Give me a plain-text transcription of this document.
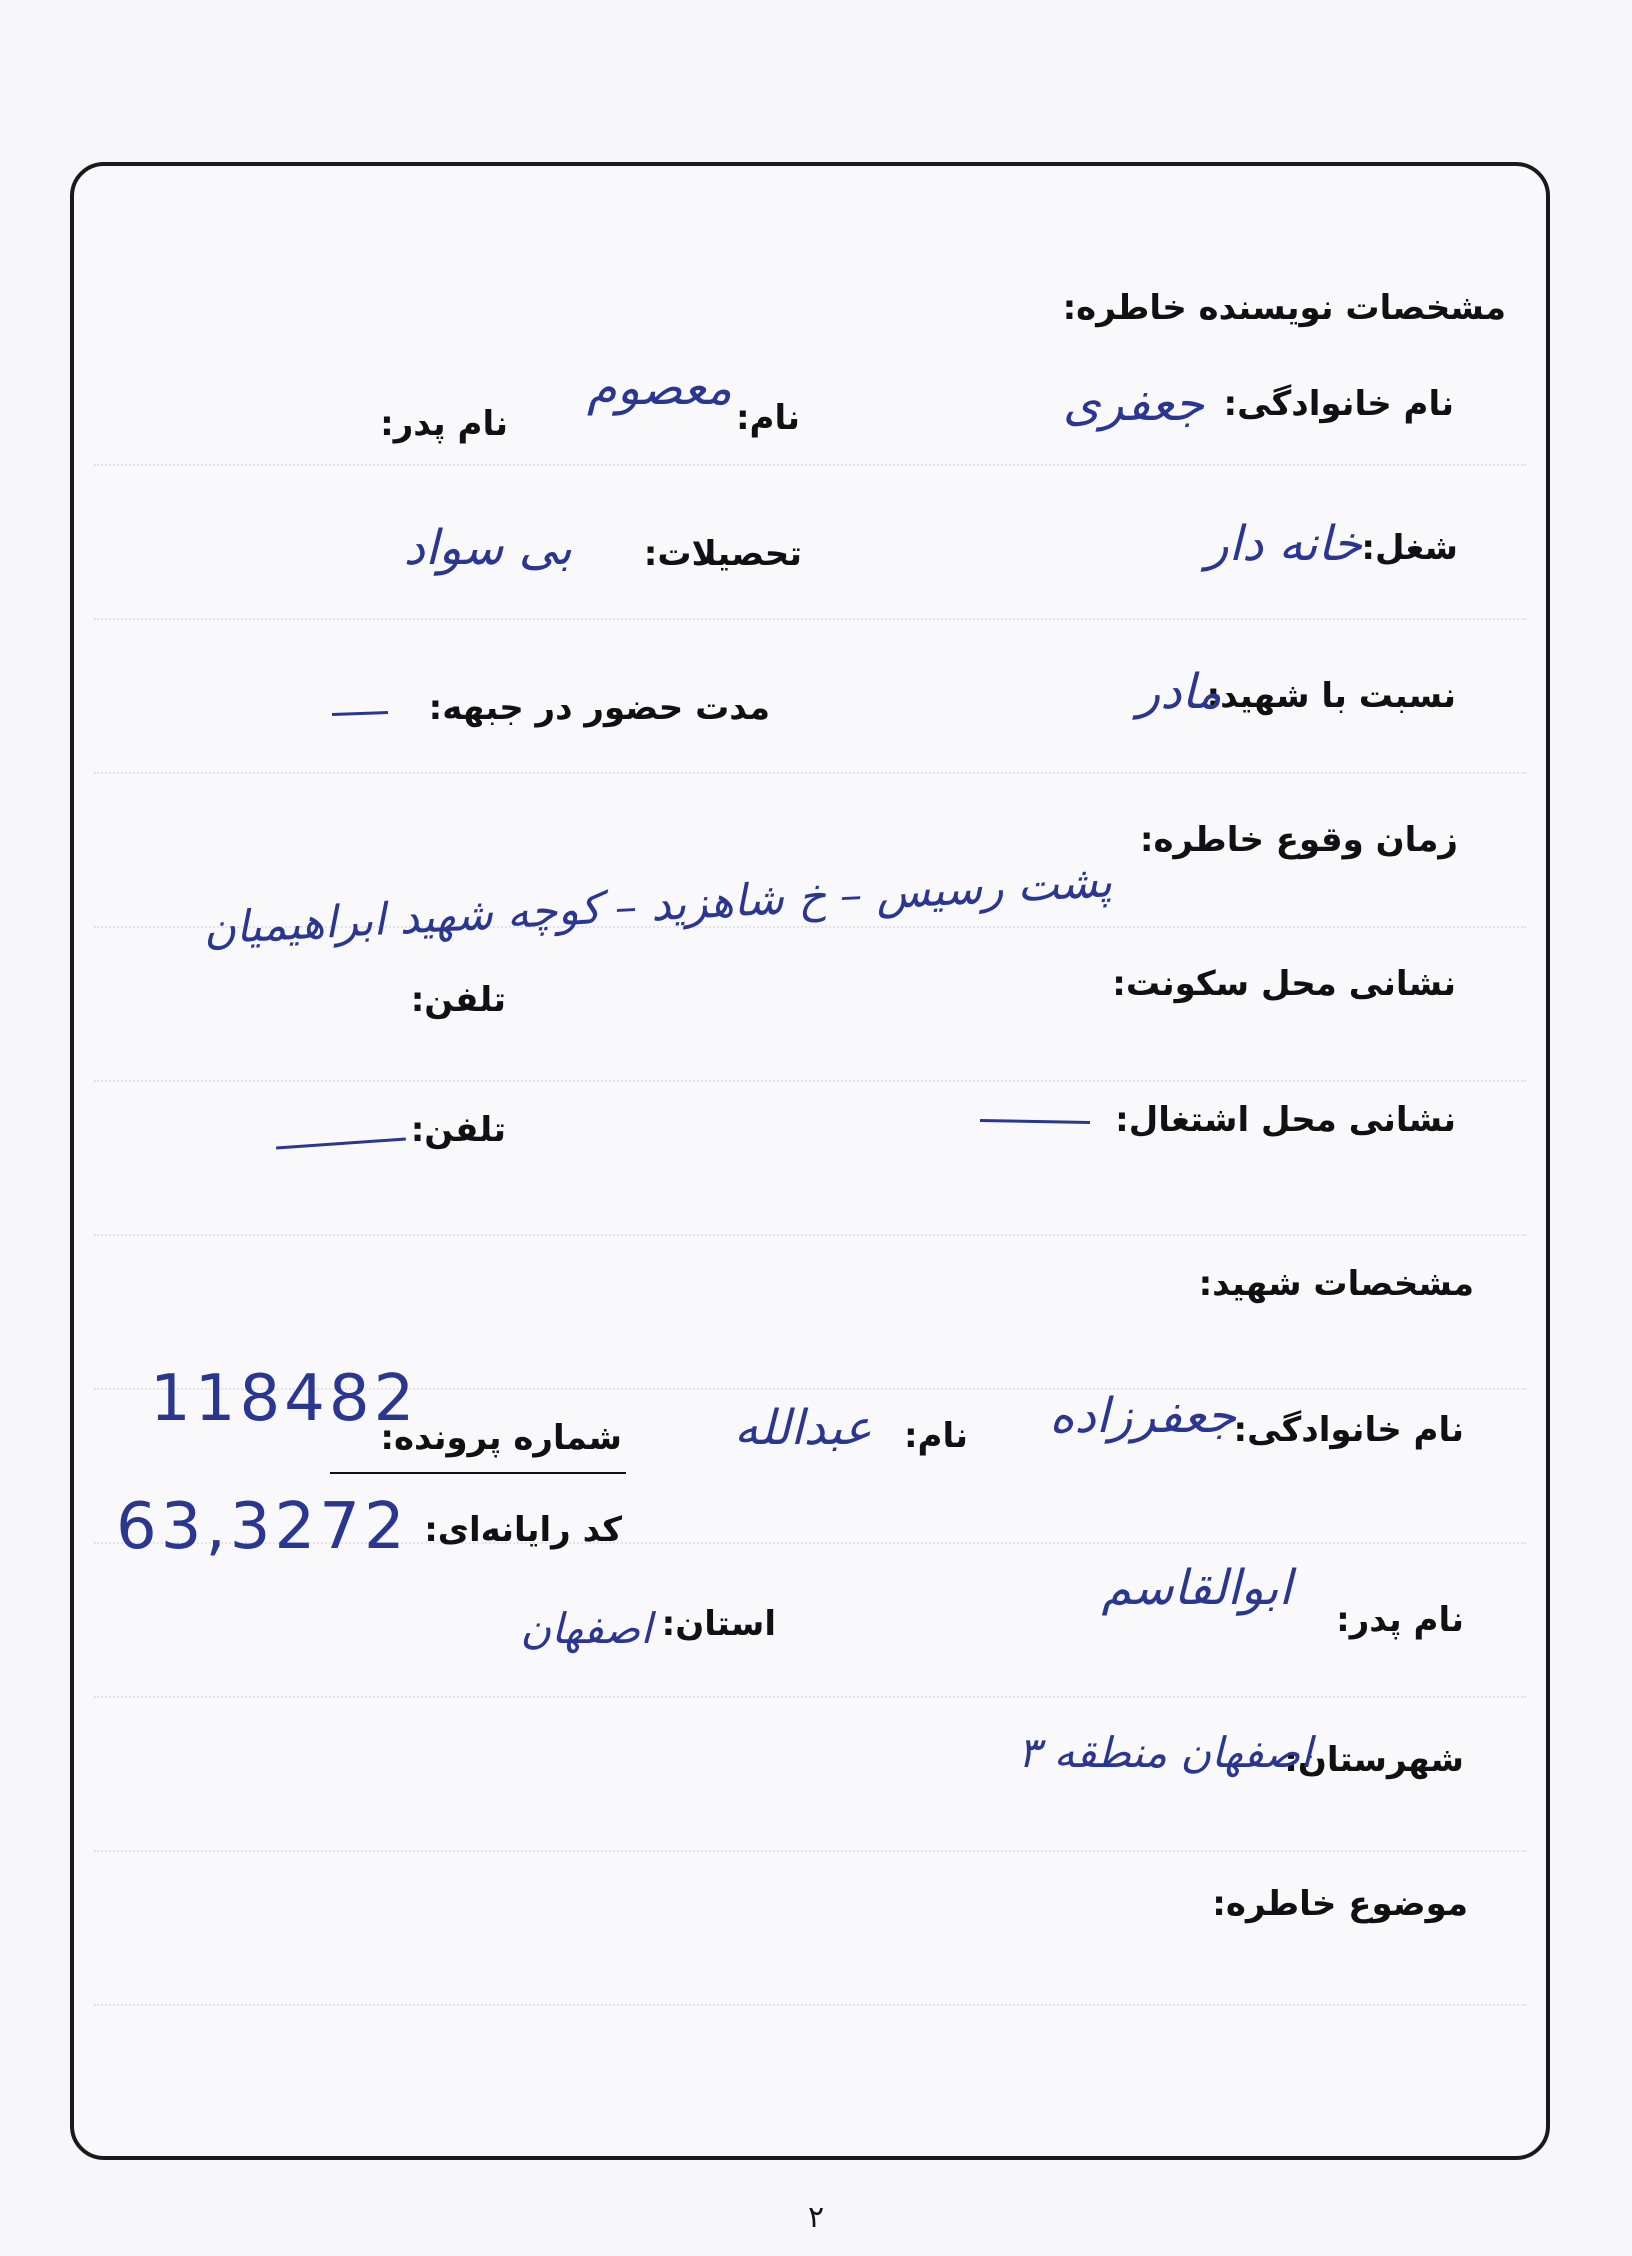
مشخصات نویسنده خاطره:
نام خانوادگی:
جعفری
نام:
معصوم
نام پدر:
شغل:
خانه دار
تحصیلات:
بی سواد
نسبت با شهید:
مادر
مدت حضور در جبهه:
زمان وقوع خاطره:
پشت رسیس – خ شاهزید – کوچه شهید ابراهیمیان
نشانی محل سکونت:
تلفن:
نشانی محل اشتغال:
تلفن:
مشخصات شهید:
نام خانوادگی:
جعفرزاده
نام:
عبدالله
شماره پرونده:
118482
کد رایانه‌ای:
63,3272
نام پدر:
ابوالقاسم
استان:
اصفهان
شهرستان:
اصفهان منطقه ۳
موضوع خاطره:
۲
